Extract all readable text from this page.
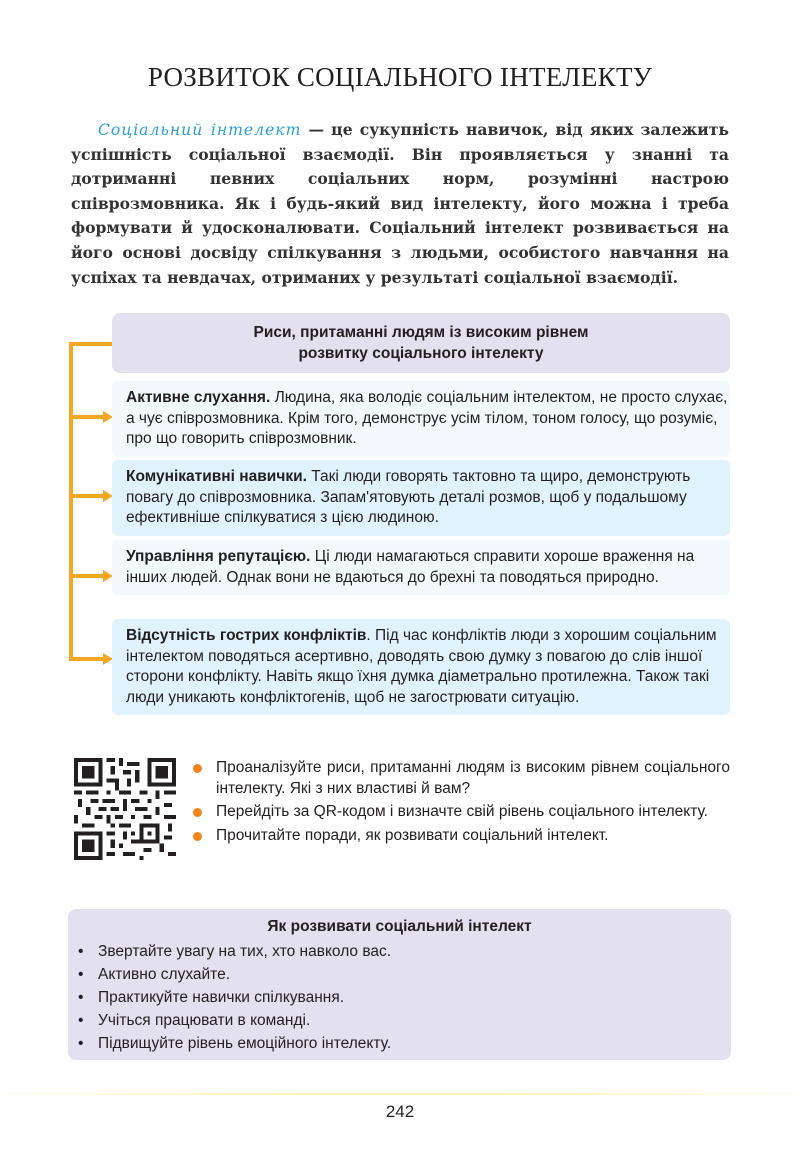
РОЗВИТОК СОЦІАЛЬНОГО ІНТЕЛЕКТУ

Соціальний інтелект — це сукупність навичок, від яких залежить успішність соціальної взаємодії. Він проявляється у знанні та дотриманні певних соціальних норм, розумінні настрою співрозмовника. Як і будь-який вид інтелекту, його можна і треба формувати й удосконалювати. Соціальний інтелект розвивається на його основі досвіду спілкування з людьми, особистого навчання на успіхах та невдачах, отриманих у результаті соціальної взаємодії.

Риси, притаманні людям із високим рівнем
розвитку соціального інтелекту
Активне слухання. Людина, яка володіє соціальним інтелектом, не просто слухає, а чує співрозмовника. Крім того, демонструє усім тілом, тоном голосу, що розуміє, про що говорить співрозмовник.
Комунікативні навички. Такі люди говорять тактовно та щиро, демонструють повагу до співрозмовника. Запам'ятовують деталі розмов, щоб у подальшому ефективніше спілкуватися з цією людиною.
Управління репутацією. Ці люди намагаються справити хороше враження на інших людей. Однак вони не вдаються до брехні та поводяться природно.
Відсутність гострих конфліктів. Під час конфліктів люди з хорошим соціальним інтелектом поводяться асертивно, доводять свою думку з повагою до слів іншої сторони конфлікту. Навіть якщо їхня думка діаметрально протилежна. Також такі люди уникають конфліктогенів, щоб не загострювати ситуацію.
Проаналізуйте риси, притаманні людям із високим рівнем соціального інтелекту. Які з них властиві й вам?
Перейдіть за QR-кодом і визначте свій рівень соціального інтелекту.
Прочитайте поради, як розвивати соціальний інтелект.
Як розвивати соціальний інтелект
• Звертайте увагу на тих, хто навколо вас.
• Активно слухайте.
• Практикуйте навички спілкування.
• Учіться працювати в команді.
• Підвищуйте рівень емоційного інтелекту.
242
